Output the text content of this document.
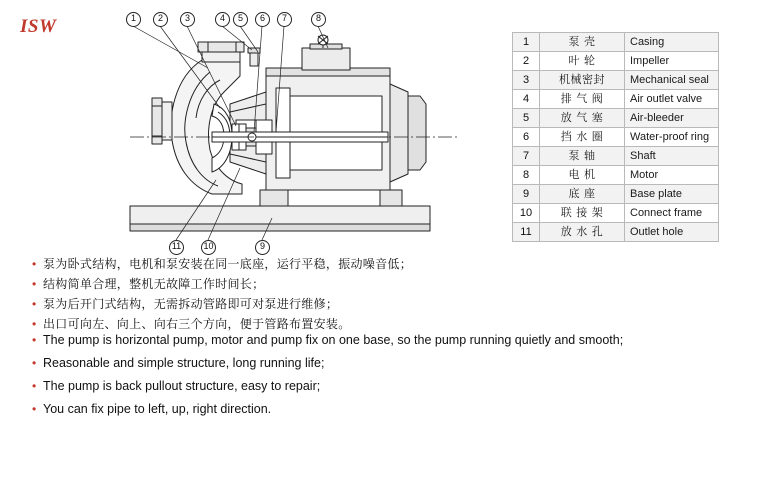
ISW	1	2	3	4	5	6	7	8
11	10	9
1	泵 壳	Casing
2	叶 轮	Impeller
3	机械密封	Mechanical seal
4	排 气 阀	Air outlet valve
5	放 气 塞	Air-bleeder
6	挡 水 圈	Water-proof ring
7	泵 轴	Shaft
8	电 机	Motor
9	底 座	Base plate
10	联 接 架	Connect frame
11	放 水 孔	Outlet hole
• 泵为卧式结构，电机和泵安装在同一底座，运行平稳，振动噪音低；
• 结构简单合理，整机无故障工作时间长；
• 泵为后开门式结构，无需拆动管路即可对泵进行维修；
• 出口可向左、向上、向右三个方向，便于管路布置安装。
• The pump is horizontal pump, motor and pump fix on one base, so the pump running quietly and smooth;
• Reasonable and simple structure, long running life;
• The pump is back pullout structure, easy to repair;
• You can fix pipe to left, up, right direction.
